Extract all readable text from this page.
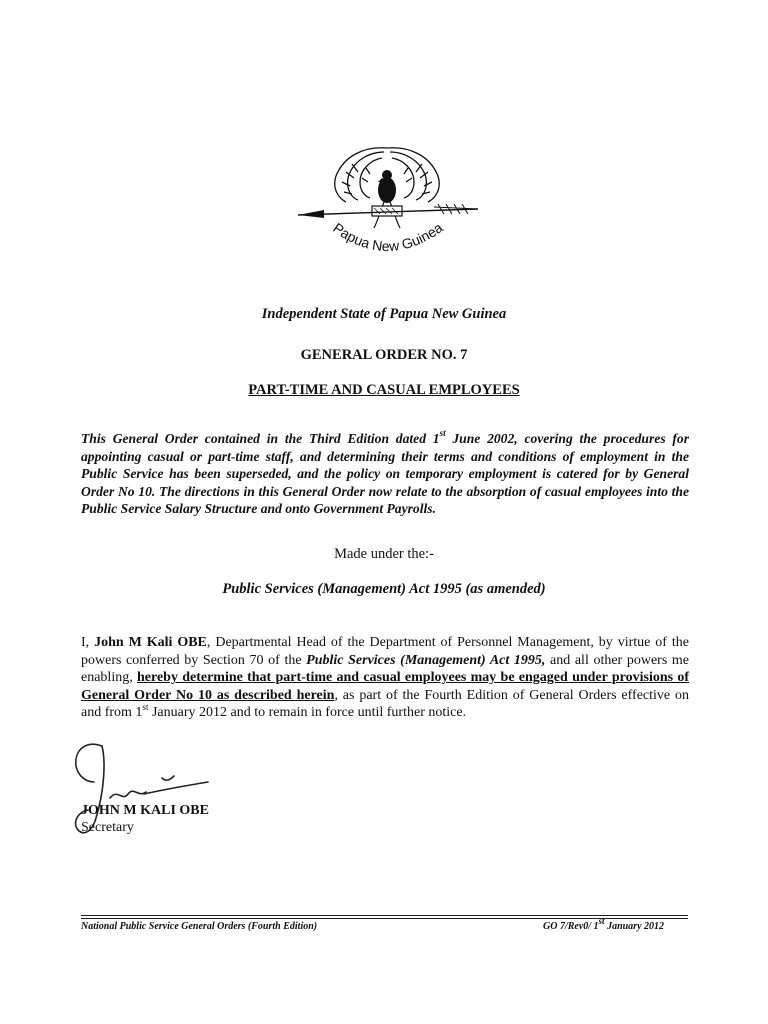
Papua New Guinea
Independent State of Papua New Guinea
GENERAL ORDER NO. 7
PART-TIME AND CASUAL EMPLOYEES
This General Order contained in the Third Edition dated 1st June 2002, covering the procedures for appointing casual or part-time staff, and determining their terms and conditions of employment in the Public Service has been superseded, and the policy on temporary employment is catered for by General Order No 10. The directions in this General Order now relate to the absorption of casual employees into the Public Service Salary Structure and onto Government Payrolls.
Made under the:-
Public Services (Management) Act 1995 (as amended)
I, John M Kali OBE, Departmental Head of the Department of Personnel Management, by virtue of the powers conferred by Section 70 of the Public Services (Management) Act 1995, and all other powers me enabling, hereby determine that part-time and casual employees may be engaged under provisions of General Order No 10 as described herein, as part of the Fourth Edition of General Orders effective on and from 1st January 2012 and to remain in force until further notice.
JOHN M KALI OBE
Secretary
National Public Service General Orders (Fourth Edition)	GO 7/Rev0/ 1st January 2012
